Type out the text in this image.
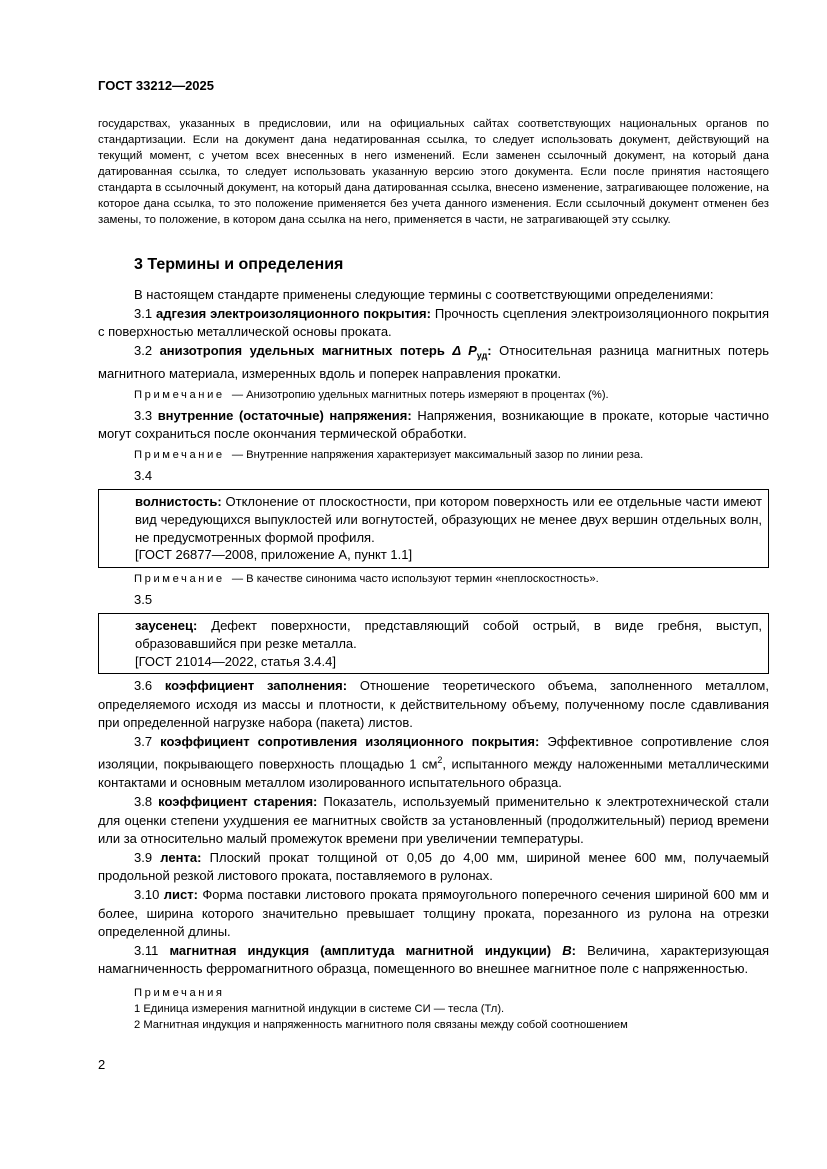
ГОСТ 33212—2025

государствах, указанных в предисловии, или на официальных сайтах соответствующих национальных органов по стандартизации. Если на документ дана недатированная ссылка, то следует использовать документ, действующий на текущий момент, с учетом всех внесенных в него изменений. Если заменен ссылочный документ, на который дана датированная ссылка, то следует использовать указанную версию этого документа. Если после принятия настоящего стандарта в ссылочный документ, на который дана датированная ссылка, внесено изменение, затрагивающее положение, на которое дана ссылка, то это положение применяется без учета данного изменения. Если ссылочный документ отменен без замены, то положение, в котором дана ссылка на него, применяется в части, не затрагивающей эту ссылку.

3 Термины и определения

В настоящем стандарте применены следующие термины с соответствующими определениями:

3.1 адгезия электроизоляционного покрытия: Прочность сцепления электроизоляционного покрытия с поверхностью металлической основы проката.

3.2 анизотропия удельных магнитных потерь Δ $P_{уд}$: Относительная разница магнитных потерь магнитного материала, измеренных вдоль и поперек направления прокатки.

Примечание — Анизотропию удельных магнитных потерь измеряют в процентах (%).

3.3 внутренние (остаточные) напряжения: Напряжения, возникающие в прокате, которые частично могут сохраниться после окончания термической обработки.

Примечание — Внутренние напряжения характеризует максимальный зазор по линии реза.
3.4

волнистость: Отклонение от плоскостности, при котором поверхность или ее отдельные части имеют вид чередующихся выпуклостей или вогнутостей, образующих не менее двух вершин отдельных волн, не предусмотренных формой профиля.

[ГОСТ 26877—2008, приложение А, пункт 1.1]

Примечание — В качестве синонима часто используют термин «неплоскостность».
3.5

заусенец: Дефект поверхности, представляющий собой острый, в виде гребня, выступ, образовавшийся при резке металла.

[ГОСТ 21014—2022, статья 3.4.4]

3.6 коэффициент заполнения: Отношение теоретического объема, заполненного металлом, определяемого исходя из массы и плотности, к действительному объему, полученному после сдавливания при определенной нагрузке набора (пакета) листов.

3.7 коэффициент сопротивления изоляционного покрытия: Эффективное сопротивление слоя изоляции, покрывающего поверхность площадью 1 $см^2$, испытанного между наложенными металлическими контактами и основным металлом изолированного испытательного образца.

3.8 коэффициент старения: Показатель, используемый применительно к электротехнической стали для оценки степени ухудшения ее магнитных свойств за установленный (продолжительный) период времени или за относительно малый промежуток времени при увеличении температуры.

3.9 лента: Плоский прокат толщиной от 0,05 до 4,00 мм, шириной менее 600 мм, получаемый продольной резкой листового проката, поставляемого в рулонах.

3.10 лист: Форма поставки листового проката прямоугольного поперечного сечения шириной 600 мм и более, ширина которого значительно превышает толщину проката, порезанного из рулона на отрезки определенной длины.

3.11 магнитная индукция (амплитуда магнитной индукции) B: Величина, характеризующая намагниченность ферромагнитного образца, помещенного во внешнее магнитное поле с напряженностью.

Примечания
1 Единица измерения магнитной индукции в системе СИ — тесла (Тл).
2 Магнитная индукция и напряженность магнитного поля связаны между собой соотношением
2
